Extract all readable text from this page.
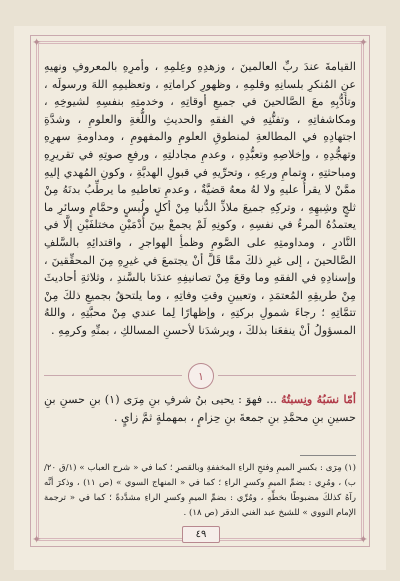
✦	✦
✦	✦

القيامةَ عندَ ربِّ العالمينَ ، وزهدِهِ وعِلمِهِ ، وأمرِهِ بالمعروفِ ونهيهِ عنِ المُنكرِ بلسانِهِ وقلمِهِ ، وظهورِ كراماتِهِ ، وتعظيمِهِ اللهَ ورسولَه ، وتأدُّبِهِ معَ الصَّالحينَ في جميعِ أوقاتِهِ ، وخدمتِهِ بنفسِهِ لشيوخِهِ ، ومكاشفاتِهِ ، وتفنُّنِهِ في الفقهِ والحديثِ واللُّغةِ والعلومِ ، وشدَّةِ اجتهادِهِ في المطالعةِ لمنطوقِ العلومِ والمفهومِ ، ومداومةِ سهرِهِ وتهجُّدِهِ ، وإخلاصِهِ وتعبُّدِهِ ، وعدمِ مجادلتِهِ ، ورفعِ صوتِهِ في تقريرِهِ ومباحثتِهِ ، وتمامِ ورعِهِ ، وتحرِّيهِ في قبولِ الهديَّةِ ، وكونِ المُهدي إليهِ ممَّنْ لا يقرأُ عليهِ ولا لهُ معهُ قضيَّةٌ ، وعدمِ تعاطيهِ ما يرطِّبُ بدنَهُ مِنْ ثلجٍ وشِبهِهِ ، وتركِهِ جميعَ ملاذِّ الدُّنيا مِنْ أكلٍ ولُبسٍ وحمَّامٍ وسائرِ ما يعتمدُهُ المرءُ في نفسِهِ ، وكونِهِ لَمْ يجمعْ بينَ أُدْمَيْنِ مختلفَيْنِ إلَّا في النَّادرِ ، ومداومتِهِ على الصَّومِ وظمأِ الهواجرِ ، واقتدائِهِ بالسَّلفِ الصَّالحينَ ، إلى غيرِ ذلكَ ممَّا قَلَّ أنْ يجتمعَ في غيرِهِ مِنَ المحقِّقينَ ، وإسنادِهِ في الفقهِ وما وقعَ مِنْ تصانيفِهِ عندَنا بالسَّندِ ، وثلاثةِ أحاديثَ مِنْ طريقِهِ المُعتمَدِ ، وتعيينِ وقتِ وفاتِهِ ، وما يلتحقُ بجميعِ ذلكَ مِنْ تتمَّاتِهِ ؛ رجاءَ شمولِ بركتِهِ ، وإظهارًا لِما عندي مِنْ محبَّتِهِ ، واللهُ المسؤولُ أنْ ينفعَنا بذلكَ ، ويرشدَنا لأحسنِ المسالكِ ، بمنِّهِ وكرمِهِ .

١
أمّا نسَبُهُ ونِسبتُهُ ... فهوَ : يحيى بنُ شرفِ بنِ مِرَى (١) بنِ حسنِ بنِ حسينِ بنِ محمَّدِ بنِ جمعةَ بنِ حِزامٍ ، بمهملةٍ ثمَّ زايٍ .

(١) مِرَى : بكسرِ الميمِ وفتحِ الراءِ المخففةِ وبالقصرِ ؛ كما في « شرح العباب » (١/ق ٢٠/ب) ، ومُرِي : بضمِّ الميمِ وكسرِ الراءِ ؛ كما في « المنهاج السوي » (ص ١١) ، وذكرَ أنَّه رآهُ كذلكَ مضبوطًا بخطِّهِ ، ومُرِّي : بضمِّ الميمِ وكسرِ الراءِ مشدَّدةً ؛ كما في « ترجمة الإمام النووي » للشيخ عبد الغني الدقر (ص ١٨) .

٤٩
